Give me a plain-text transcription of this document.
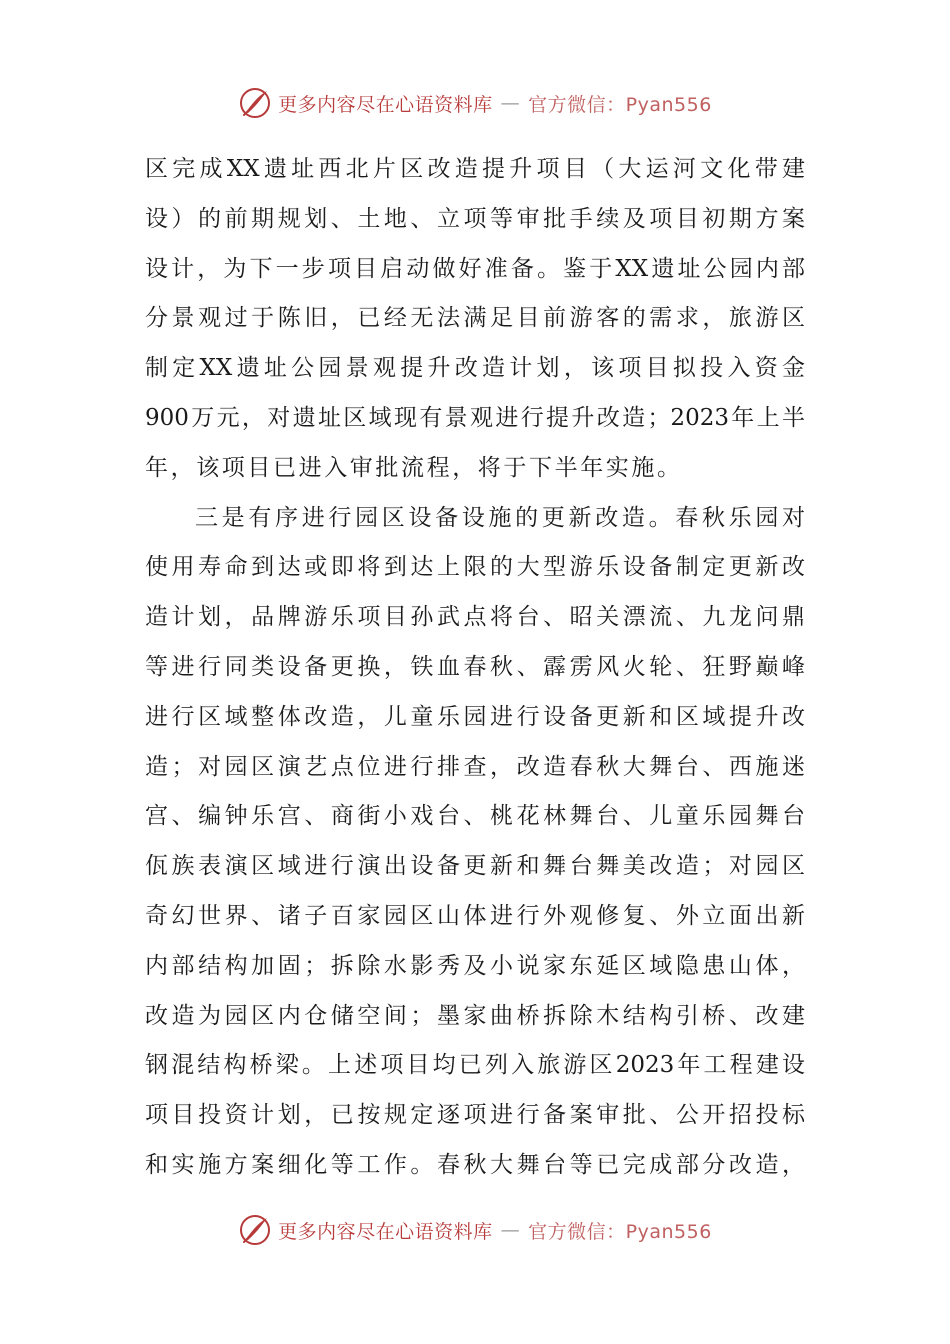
更多内容尽在心语资料库 — 官方微信：Pyan556
区完成XX遗址西北片区改造提升项目（大运河文化带建
设）的前期规划、土地、立项等审批手续及项目初期方案
设计，为下一步项目启动做好准备。鉴于XX遗址公园内部
分景观过于陈旧，已经无法满足目前游客的需求，旅游区
制定XX遗址公园景观提升改造计划，该项目拟投入资金
900万元，对遗址区域现有景观进行提升改造；2023年上半
年，该项目已进入审批流程，将于下半年实施。
三是有序进行园区设备设施的更新改造。春秋乐园对
使用寿命到达或即将到达上限的大型游乐设备制定更新改
造计划，品牌游乐项目孙武点将台、昭关漂流、九龙问鼎
等进行同类设备更换，铁血春秋、霹雳风火轮、狂野巅峰
进行区域整体改造，儿童乐园进行设备更新和区域提升改
造；对园区演艺点位进行排查，改造春秋大舞台、西施迷
宫、编钟乐宫、商街小戏台、桃花林舞台、儿童乐园舞台
佤族表演区域进行演出设备更新和舞台舞美改造；对园区
奇幻世界、诸子百家园区山体进行外观修复、外立面出新
内部结构加固；拆除水影秀及小说家东延区域隐患山体，
改造为园区内仓储空间；墨家曲桥拆除木结构引桥、改建
钢混结构桥梁。上述项目均已列入旅游区2023年工程建设
项目投资计划，已按规定逐项进行备案审批、公开招投标
和实施方案细化等工作。春秋大舞台等已完成部分改造，
更多内容尽在心语资料库 — 官方微信：Pyan556
